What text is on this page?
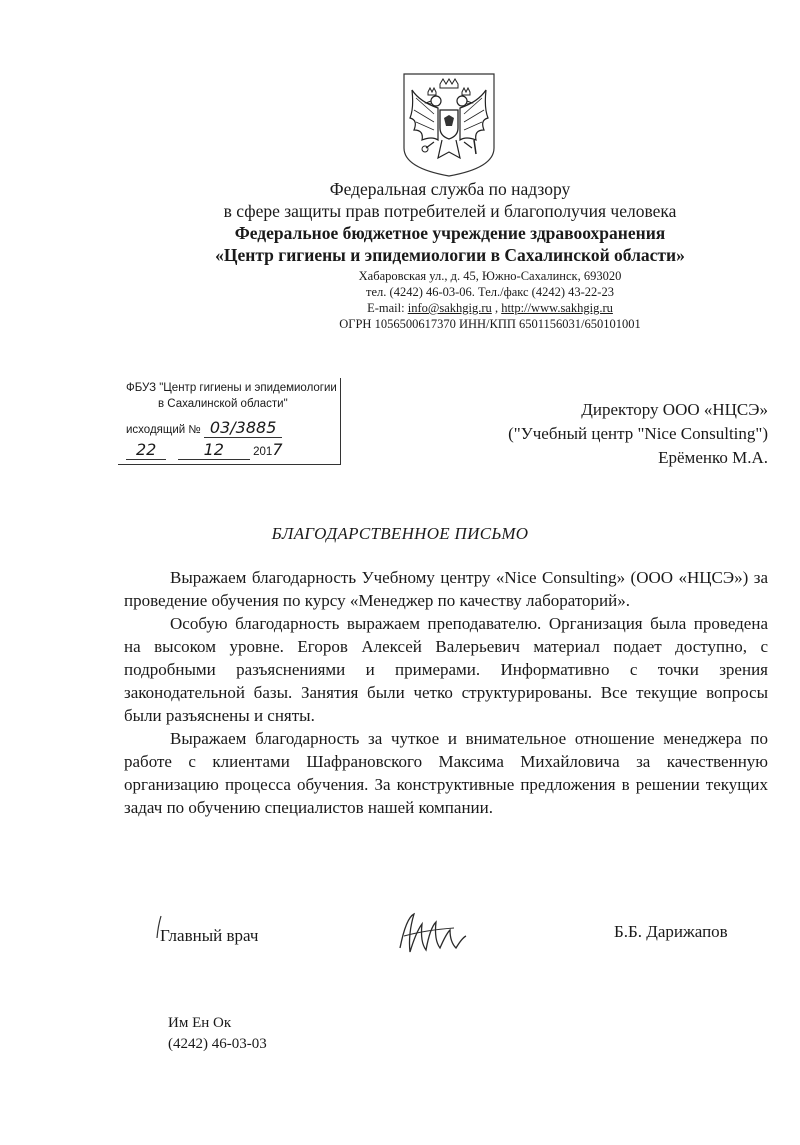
Федеральная служба по надзору
в сфере защиты прав потребителей и благополучия человека
Федеральное бюджетное учреждение здравоохранения
«Центр гигиены и эпидемиологии в Сахалинской области»
Хабаровская ул., д. 45, Южно-Сахалинск, 693020
тел. (4242) 46-03-06. Тел./факс (4242) 43-22-23
E-mail: info@sakhgig.ru , http://www.sakhgig.ru
ОГРН 1056500617370 ИНН/КПП 6501156031/650101001
ФБУЗ "Центр гигиены и эпидемиологии
в Сахалинской области"
исходящий № 03/3885
22	12	2017
Директору ООО «НЦСЭ»
("Учебный центр "Nice Consulting")
Ерёменко М.А.
БЛАГОДАРСТВЕННОЕ ПИСЬМО

Выражаем благодарность Учебному центру «Nice Consulting» (ООО «НЦСЭ») за проведение обучения по курсу «Менеджер по качеству лабораторий».

Особую благодарность выражаем преподавателю. Организация была проведена на высоком уровне. Егоров Алексей Валерьевич материал подает доступно, с подробными разъяснениями и примерами. Информативно с точки зрения законодательной базы. Занятия были четко структурированы. Все текущие вопросы были разъяснены и сняты.

Выражаем благодарность за чуткое и внимательное отношение менеджера по работе с клиентами Шафрановского Максима Михайловича за качественную организацию процесса обучения. За конструктивные предложения в решении текущих задач по обучению специалистов нашей компании.

Главный врач	Б.Б. Дарижапов
Им Ен Ок
(4242) 46-03-03
